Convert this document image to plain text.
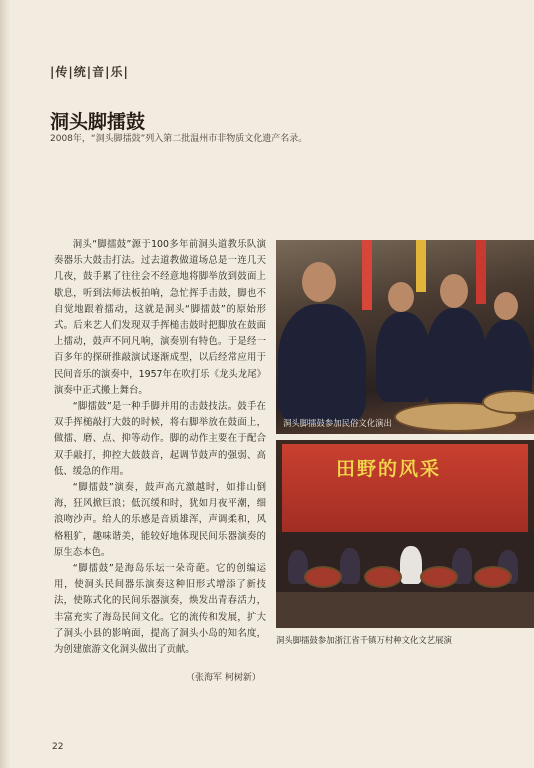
|传|统|音|乐|
洞头脚擂鼓
2008年，“洞头脚擂鼓”列入第二批温州市非物质文化遗产名录。

洞头“脚擂鼓”源于100多年前洞头道教乐队演奏器乐大鼓击打法。过去道教做道场总是一连几天几夜，鼓手累了往往会不经意地将脚举放到鼓面上歇息，听到法师法板拍响，急忙挥手击鼓，脚也不自觉地跟着擂动，这就是洞头“脚擂鼓”的原始形式。后来艺人们发现双手挥槌击鼓时把脚放在鼓面上擂动，鼓声不同凡响，演奏别有特色。于是经一百多年的探研推敲演试逐渐成型，以后经常应用于民间音乐的演奏中，1957年在吹打乐《龙头龙尾》演奏中正式搬上舞台。

“脚擂鼓”是一种手脚并用的击鼓技法。鼓手在双手挥槌敲打大鼓的时候，将右脚举放在鼓面上，做擂、磨、点、抑等动作。脚的动作主要在于配合双手敲打，抑控大鼓鼓音，起调节鼓声的强弱、高低、缓急的作用。

“脚擂鼓”演奏，鼓声高亢激越时，如排山倒海，狂风掀巨浪；低沉缓和时，犹如月夜平潮，细浪吻沙声。给人的乐感是音质雄浑，声调柔和，风格粗犷，趣味谐美，能较好地体现民间乐器演奏的原生态本色。

“脚擂鼓”是海岛乐坛一朵奇葩。它的创编运用，使洞头民间器乐演奏这种旧形式增添了新技法，使陈式化的民间乐器演奏，焕发出青春活力，丰富充实了海岛民间文化。它的流传和发展，扩大了洞头小县的影响面，提高了洞头小岛的知名度，为创建旅游文化洞头做出了贡献。

（张海军 柯树新）
洞头脚擂鼓参加民俗文化演出
田野的风采
洞头脚擂鼓参加浙江省千镇万村种文化文艺展演
22
